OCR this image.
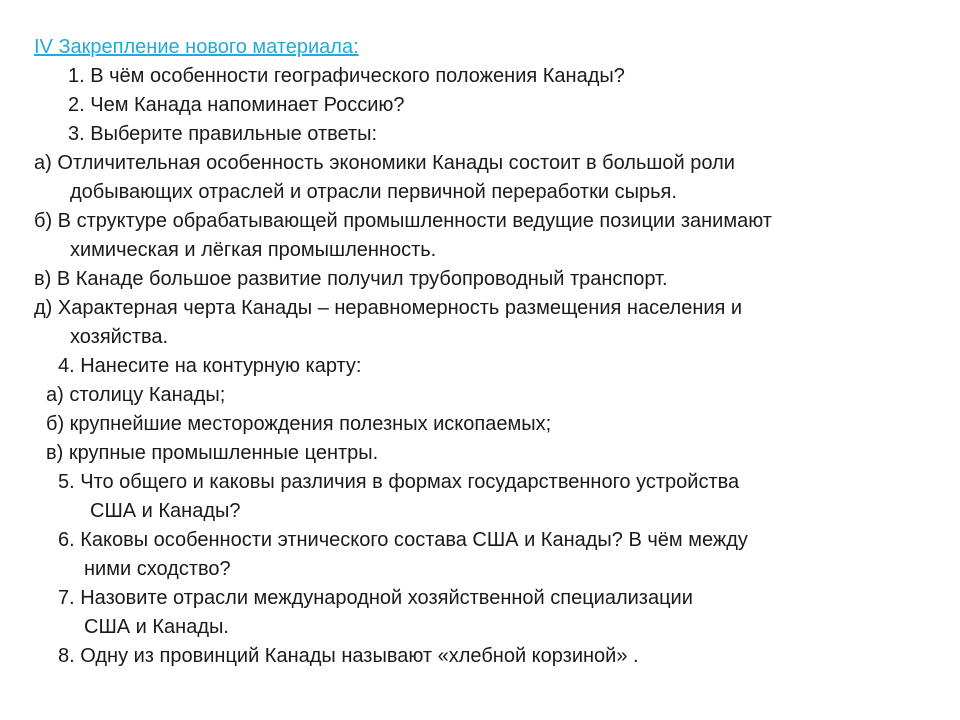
IV Закрепление нового материала:
1. В чём особенности географического положения Канады?
2. Чем Канада напоминает Россию?
3. Выберите правильные ответы:
а) Отличительная особенность экономики Канады состоит в большой роли
добывающих отраслей и отрасли первичной переработки сырья.
б) В структуре обрабатывающей промышленности ведущие позиции занимают
химическая и лёгкая промышленность.
в) В Канаде большое развитие получил трубопроводный транспорт.
д) Характерная черта Канады – неравномерность размещения населения и
хозяйства.
4. Нанесите на контурную карту:
а) столицу Канады;
б) крупнейшие месторождения полезных ископаемых;
в) крупные промышленные центры.
5. Что общего и каковы различия в формах государственного устройства
США и Канады?
6. Каковы особенности этнического состава США и Канады? В чём между
ними сходство?
7. Назовите отрасли международной хозяйственной специализации
США и Канады.
8. Одну из провинций Канады называют «хлебной корзиной» .
